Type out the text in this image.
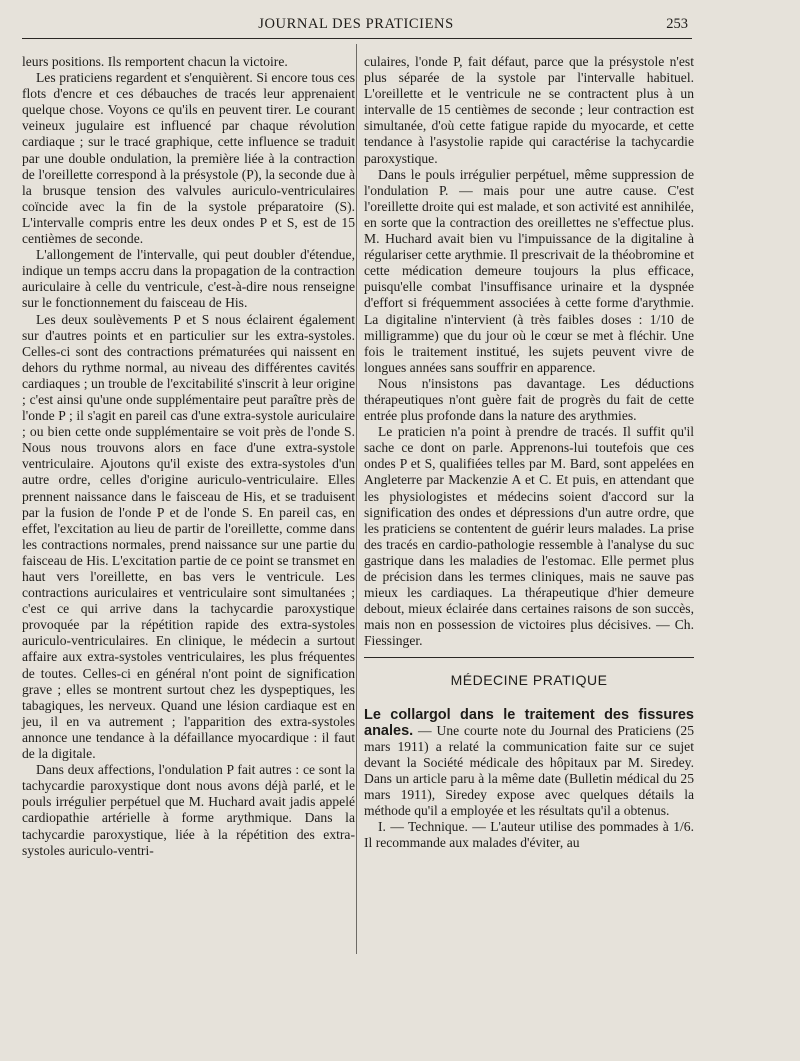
JOURNAL DES PRATICIENS	253

leurs positions. Ils remportent chacun la victoire.

Les praticiens regardent et s'enquièrent. Si encore tous ces flots d'encre et ces débauches de tracés leur apprenaient quelque chose. Voyons ce qu'ils en peuvent tirer. Le courant veineux jugulaire est influencé par chaque révolution cardiaque ; sur le tracé graphique, cette influence se traduit par une double ondulation, la première liée à la contraction de l'oreillette correspond à la présystole (P), la seconde due à la brusque tension des valvules auriculo-ventriculaires coïncide avec la fin de la systole préparatoire (S). L'intervalle compris entre les deux ondes P et S, est de 15 centièmes de seconde.

L'allongement de l'intervalle, qui peut doubler d'étendue, indique un temps accru dans la propagation de la contraction auriculaire à celle du ventricule, c'est-à-dire nous renseigne sur le fonctionnement du faisceau de His.

Les deux soulèvements P et S nous éclairent également sur d'autres points et en particulier sur les extra-systoles. Celles-ci sont des contractions prématurées qui naissent en dehors du rythme normal, au niveau des différentes cavités cardiaques ; un trouble de l'excitabilité s'inscrit à leur origine ; c'est ainsi qu'une onde supplémentaire peut paraître près de l'onde P ; il s'agit en pareil cas d'une extra-systole auriculaire ; ou bien cette onde supplémentaire se voit près de l'onde S. Nous nous trouvons alors en face d'une extra-systole ventriculaire. Ajoutons qu'il existe des extra-systoles d'un autre ordre, celles d'origine auriculo-ventriculaire. Elles prennent naissance dans le faisceau de His, et se traduisent par la fusion de l'onde P et de l'onde S. En pareil cas, en effet, l'excitation au lieu de partir de l'oreillette, comme dans les contractions normales, prend naissance sur une partie du faisceau de His. L'excitation partie de ce point se transmet en haut vers l'oreillette, en bas vers le ventricule. Les contractions auriculaires et ventriculaire sont simultanées ; c'est ce qui arrive dans la tachycardie paroxystique provoquée par la répétition rapide des extra-systoles auriculo-ventriculaires. En clinique, le médecin a surtout affaire aux extra-systoles ventriculaires, les plus fréquentes de toutes. Celles-ci en général n'ont point de signification grave ; elles se montrent surtout chez les dyspeptiques, les tabagiques, les nerveux. Quand une lésion cardiaque est en jeu, il en va autrement ; l'apparition des extra-systoles annonce une tendance à la défaillance myocardique : il faut de la digitale.

Dans deux affections, l'ondulation P fait autres : ce sont la tachycardie paroxystique dont nous avons déjà parlé, et le pouls irrégulier perpétuel que M. Huchard avait jadis appelé cardiopathie artérielle à forme arythmique. Dans la tachycardie paroxystique, liée à la répétition des extra-systoles auriculo-ventri-

culaires, l'onde P, fait défaut, parce que la présystole n'est plus séparée de la systole par l'intervalle habituel. L'oreillette et le ventricule ne se contractent plus à un intervalle de 15 centièmes de seconde ; leur contraction est simultanée, d'où cette fatigue rapide du myocarde, et cette tendance à l'asystolie rapide qui caractérise la tachycardie paroxystique.

Dans le pouls irrégulier perpétuel, même suppression de l'ondulation P. — mais pour une autre cause. C'est l'oreillette droite qui est malade, et son activité est annihilée, en sorte que la contraction des oreillettes ne s'effectue plus. M. Huchard avait bien vu l'impuissance de la digitaline à régulariser cette arythmie. Il prescrivait de la théobromine et cette médication demeure toujours la plus efficace, puisqu'elle combat l'insuffisance urinaire et la dyspnée d'effort si fréquemment associées à cette forme d'arythmie. La digitaline n'intervient (à très faibles doses : 1/10 de milligramme) que du jour où le cœur se met à fléchir. Une fois le traitement institué, les sujets peuvent vivre de longues années sans souffrir en apparence.

Nous n'insistons pas davantage. Les déductions thérapeutiques n'ont guère fait de progrès du fait de cette entrée plus profonde dans la nature des arythmies.

Le praticien n'a point à prendre de tracés. Il suffit qu'il sache ce dont on parle. Apprenons-lui toutefois que ces ondes P et S, qualifiées telles par M. Bard, sont appelées en Angleterre par Mackenzie A et C. Et puis, en attendant que les physiologistes et médecins soient d'accord sur la signification des ondes et dépressions d'un autre ordre, que les praticiens se contentent de guérir leurs malades. La prise des tracés en cardio-pathologie ressemble à l'analyse du suc gastrique dans les maladies de l'estomac. Elle permet plus de précision dans les termes cliniques, mais ne sauve pas mieux les cardiaques. La thérapeutique d'hier demeure debout, mieux éclairée dans certaines raisons de son succès, mais non en possession de victoires plus décisives. — Ch. Fiessinger.

MÉDECINE PRATIQUE

Le collargol dans le traitement des fissures anales. — Une courte note du Journal des Praticiens (25 mars 1911) a relaté la communication faite sur ce sujet devant la Société médicale des hôpitaux par M. Siredey. Dans un article paru à la même date (Bulletin médical du 25 mars 1911), Siredey expose avec quelques détails la méthode qu'il a employée et les résultats qu'il a obtenus.

I. — Technique. — L'auteur utilise des pommades à 1/6. Il recommande aux malades d'éviter, au
